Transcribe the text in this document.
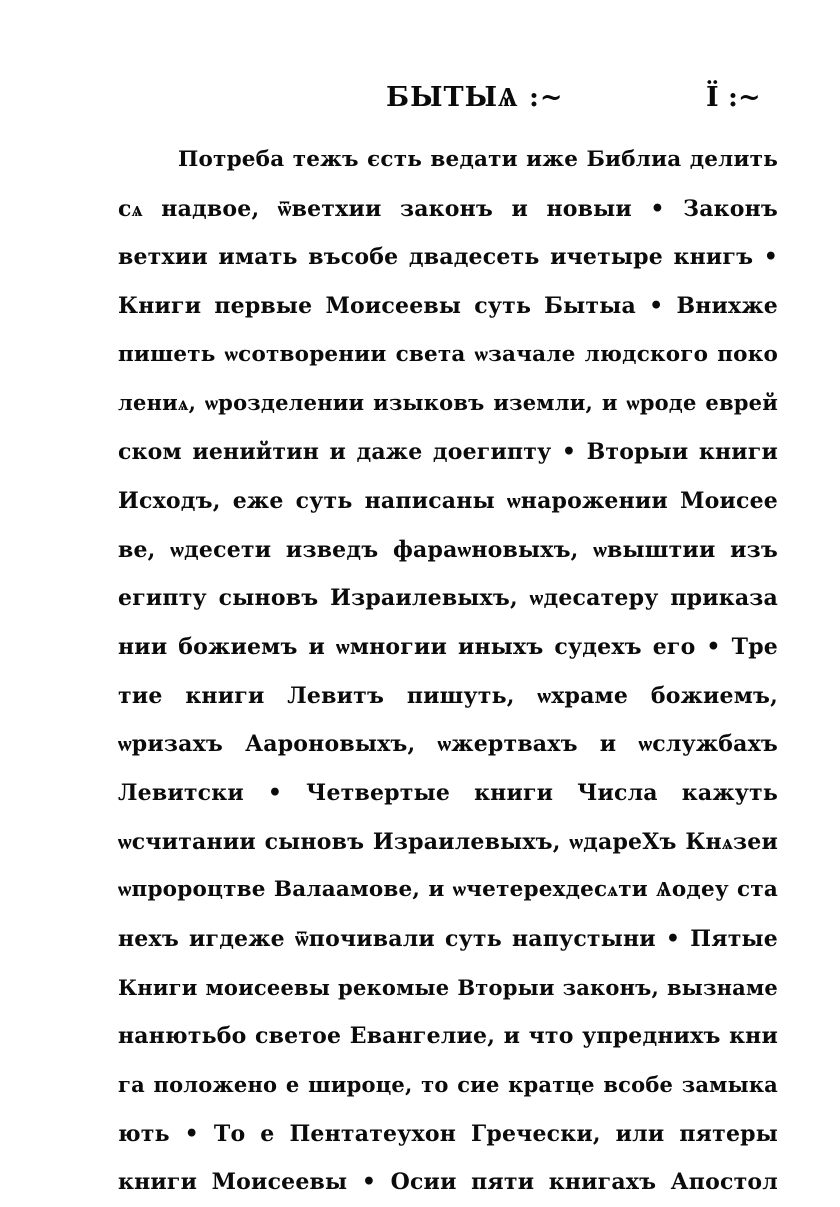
БЫТЫѦ :~	Ї :~
Потреба тежъ єсть ведати иже Библиа делить
сѧ надвое, ѿветхии законъ и новыи • Законъ
ветхии имать въсобе двадесеть ичетыре книгъ •
Книги первые Моисеевы суть Бытыа • Внихже
пишеть ѡсотворении света ѡзачале людского поко
лениѧ, ѡрозделении изыковъ иземли, и ѡроде еврей
ском иенийтин и даже доегипту • Вторыи книги
Исходъ, еже суть написаны ѡнарожении Моисее
ве, ѡдесети изведъ фараѡновыхъ, ѡвыштии изъ
египту сыновъ Израилевыхъ, ѡдесатеру приказа
нии божиемъ и ѡмногии иныхъ судехъ его • Тре
тие книги Левитъ пишуть, ѡхраме божиемъ,
ѡризахъ Аароновыхъ, ѡжертвахъ и ѡслужбахъ
Левитски • Четвертые книги Числа кажуть
ѡсчитании сыновъ Израилевыхъ, ѡдареХъ Кнѧзеи
ѡпророцтве Валаамове, и ѡчетерехдесѧти Ѧодеу ста
нехъ игдеже ѿпочивали суть напустыни • Пятые
Книги моисеевы рекомые Вторыи законъ, вызнаме
нанютьбо светое Евангелие, и что упреднихъ кни
га положено е широце, то сие кратце всобе замыка
ють • То е Пентатеухон Гречески, или пятеры
книги Моисеевы • Осии пяти книгахъ Апостол
